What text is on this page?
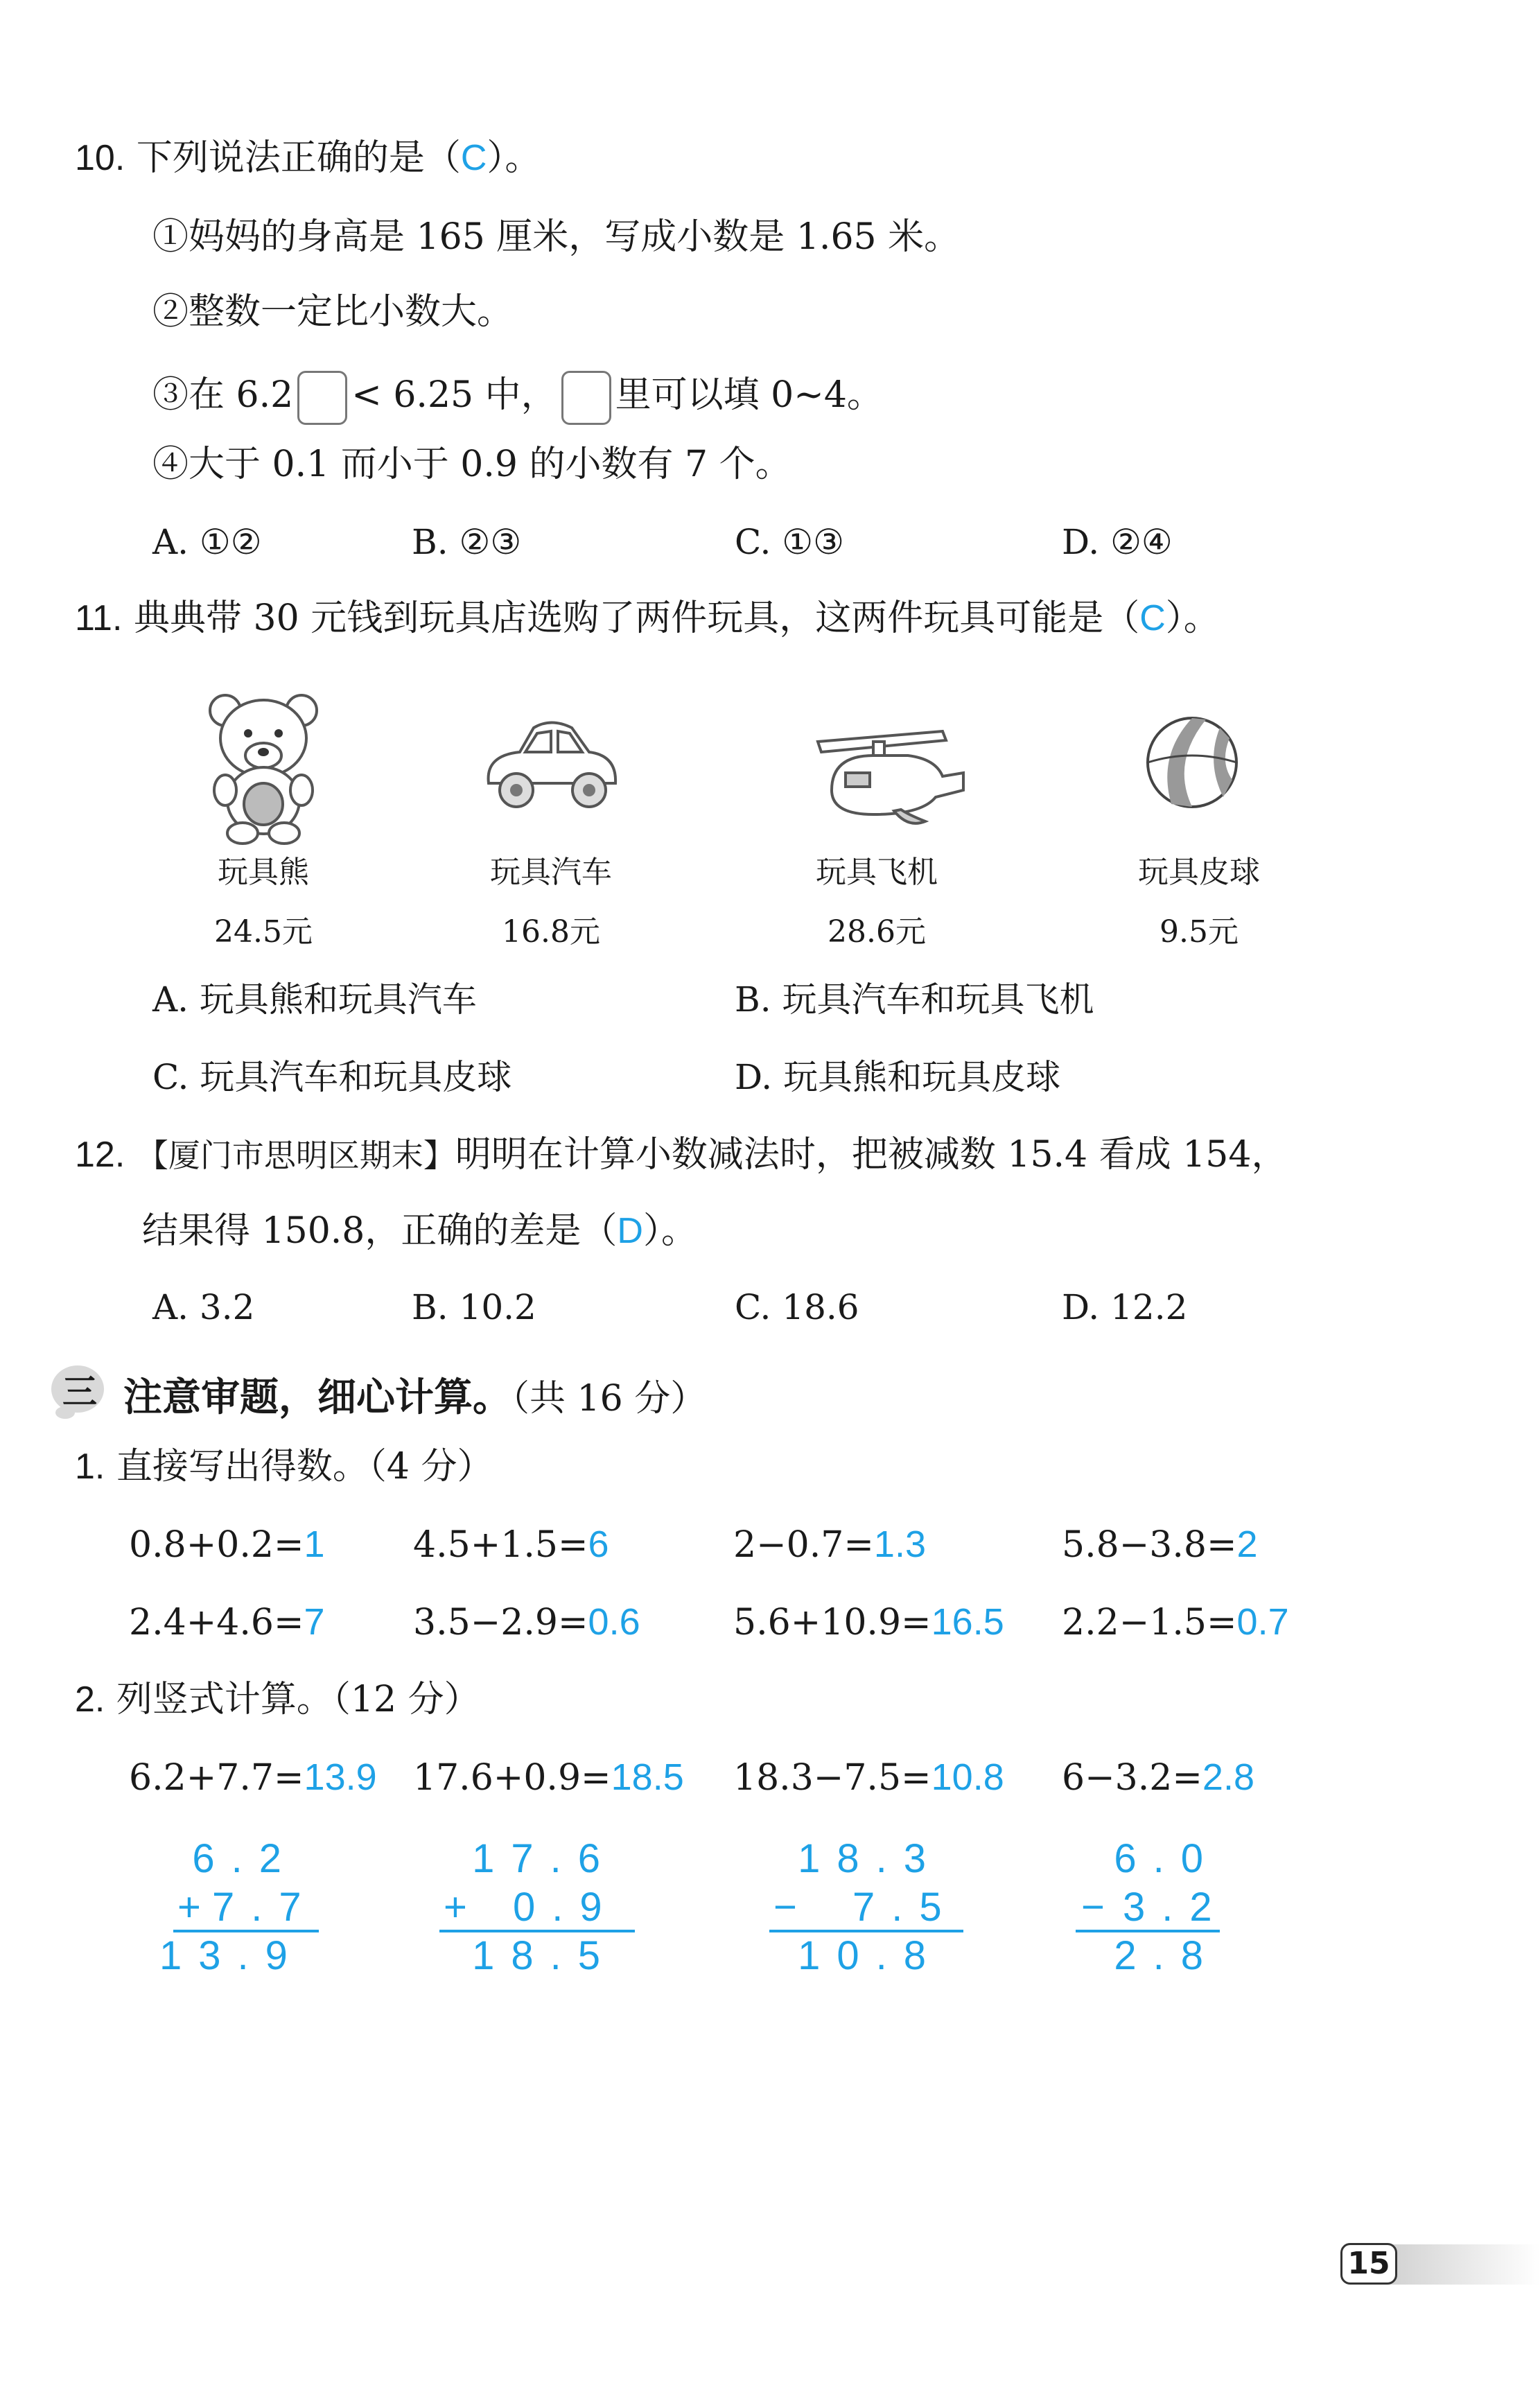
10. 下列说法正确的是（C）。
①妈妈的身高是 165 厘米，写成小数是 1.65 米。
②整数一定比小数大。
③在 6.2 < 6.25 中， 里可以填 0~4。
④大于 0.1 而小于 0.9 的小数有 7 个。
A. ①②	B. ②③	C. ①③	D. ②④
11. 典典带 30 元钱到玩具店选购了两件玩具，这两件玩具可能是（C）。
玩具熊	玩具汽车	玩具飞机	玩具皮球
24.5元	16.8元	28.6元	9.5元
A. 玩具熊和玩具汽车	B. 玩具汽车和玩具飞机
C. 玩具汽车和玩具皮球	D. 玩具熊和玩具皮球
12. 【厦门市思明区期末】明明在计算小数减法时，把被减数 15.4 看成 154，
结果得 150.8，正确的差是（D）。
A. 3.2	B. 10.2	C. 18.6	D. 12.2
三 注意审题，细心计算。（共 16 分）
1. 直接写出得数。（4 分）
0.8+0.2=1 4.5+1.5=6	2−0.7=1.3	5.8−3.8=2
2.4+4.6=7 3.5−2.9=0.6	5.6+10.9=16.5 2.2−1.5=0.7
2. 列竖式计算。（12 分）
6.2+7.7=13.9 17.6+0.9=18.5 18.3−7.5=10.8 6−3.2=2.8
6.2
+
7.7
13.9
17.6
+ 0.9
18.5
18.3
− 7.5
10.8
6.0
− 3.2
2.8
15
